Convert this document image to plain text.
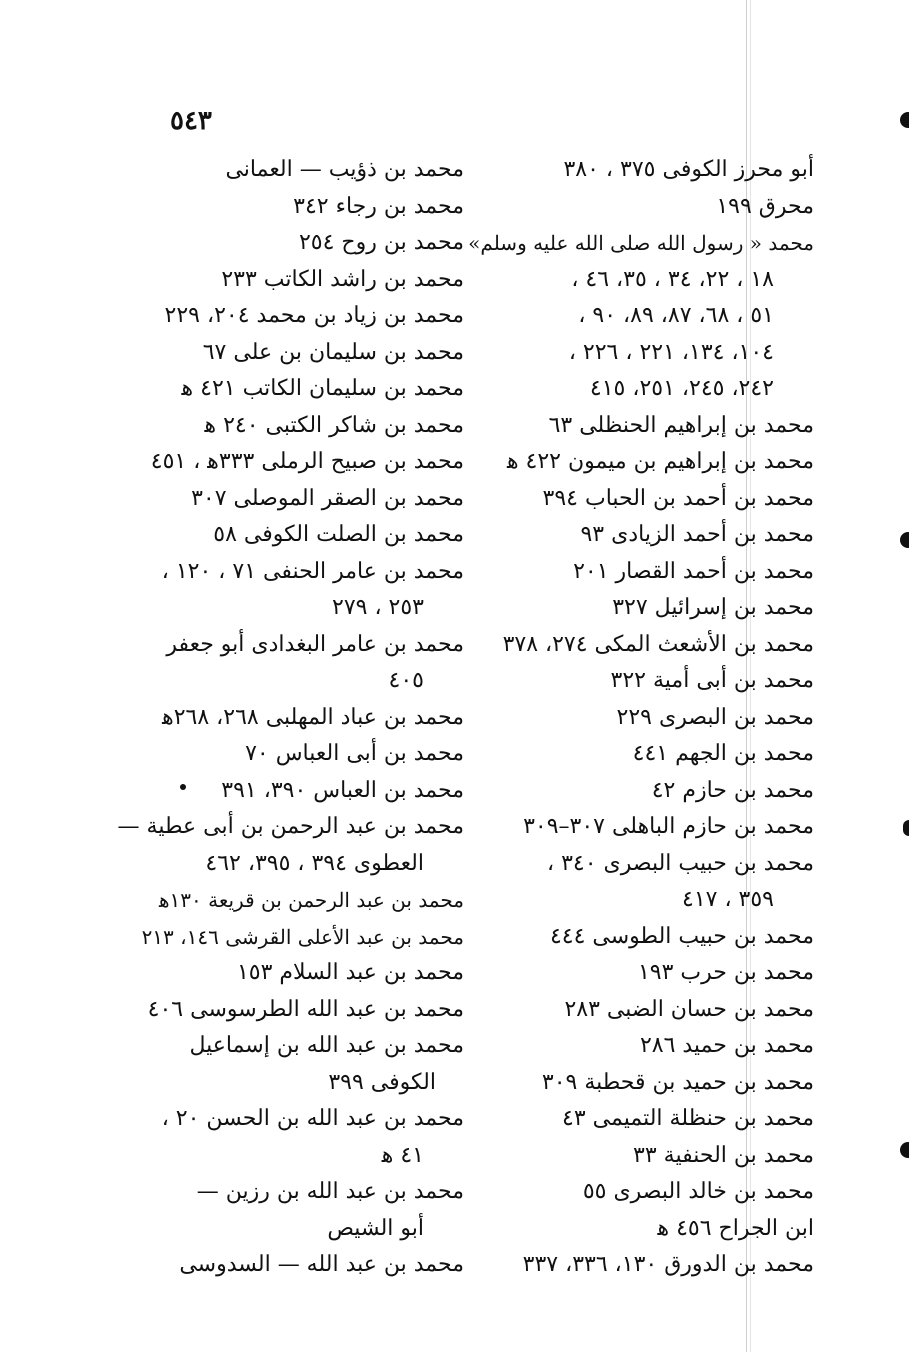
٥٤٣
أبو محرز الكوفى ٣٧٥ ، ٣٨٠
محرق ١٩٩
محمد « رسول الله صلى الله عليه وسلم»
١٨ ، ٢٢، ٣٤ ، ٣٥، ٤٦ ،
٥١ ، ٦٨، ٨٧، ٨٩، ٩٠ ،
١٠٤، ١٣٤، ٢٢١ ، ٢٢٦ ،
٢٤٢، ٢٤٥، ٢٥١، ٤١٥
محمد بن إبراهيم الحنظلى ٦٣
محمد بن إبراهيم بن ميمون ٤٢٢ ﻫ
محمد بن أحمد بن الحباب ٣٩٤
محمد بن أحمد الزيادى ٩٣
محمد بن أحمد القصار ٢٠١
محمد بن إسرائيل ٣٢٧
محمد بن الأشعث المكى ٢٧٤، ٣٧٨
محمد بن أبى أمية ٣٢٢
محمد بن البصرى ٢٢٩
محمد بن الجهم ٤٤١
محمد بن حازم ٤٢
محمد بن حازم الباهلى ٣٠٧–٣٠٩
محمد بن حبيب البصرى ٣٤٠ ،
٣٥٩ ، ٤١٧
محمد بن حبيب الطوسى ٤٤٤
محمد بن حرب ١٩٣
محمد بن حسان الضبى ٢٨٣
محمد بن حميد ٢٨٦
محمد بن حميد بن قحطبة ٣٠٩
محمد بن حنظلة التميمى ٤٣
محمد بن الحنفية ٣٣
محمد بن خالد البصرى ٥٥
ابن الجراح ٤٥٦ ﻫ
محمد بن الدورق ١٣٠، ٣٣٦، ٣٣٧
محمد بن ذؤيب — العمانى
محمد بن رجاء ٣٤٢
محمد بن روح ٢٥٤
محمد بن راشد الكاتب ٢٣٣
محمد بن زياد بن محمد ٢٠٤، ٢٢٩
محمد بن سليمان بن على ٦٧
محمد بن سليمان الكاتب ٤٢١ ﻫ
محمد بن شاكر الكتبى ٢٤٠ ﻫ
محمد بن صبيح الرملى ٣٣٣ﻫ ، ٤٥١
محمد بن الصقر الموصلى ٣٠٧
محمد بن الصلت الكوفى ٥٨
محمد بن عامر الحنفى ٧١ ، ١٢٠ ،
٢٥٣ ، ٢٧٩
محمد بن عامر البغدادى أبو جعفر
٤٠٥
محمد بن عباد المهلبى ٢٦٨، ٢٦٨ﻫ
محمد بن أبى العباس ٧٠
محمد بن العباس ٣٩٠، ٣٩١
محمد بن عبد الرحمن بن أبى عطية —
العطوى ٣٩٤ ، ٣٩٥، ٤٦٢
محمد بن عبد الرحمن بن قريعة ١٣٠ﻫ
محمد بن عبد الأعلى القرشى ١٤٦، ٢١٣
محمد بن عبد السلام ١٥٣
محمد بن عبد الله الطرسوسى ٤٠٦
محمد بن عبد الله بن إسماعيل
الكوفى ٣٩٩
محمد بن عبد الله بن الحسن ٢٠ ،
٤١ ﻫ
محمد بن عبد الله بن رزين —
أبو الشيص
محمد بن عبد الله — السدوسى
